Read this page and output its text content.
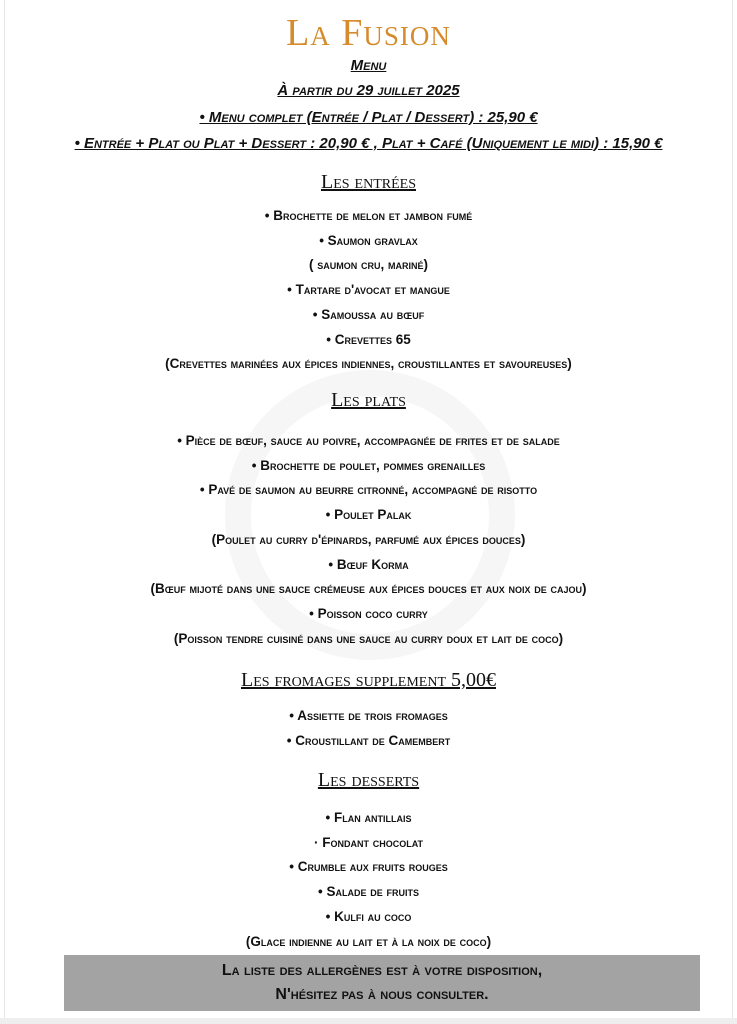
La Fusion
Menu
À partir du 29 juillet 2025
• Menu complet (Entrée / Plat / Dessert) : 25,90 €
• Entrée + Plat ou Plat + Dessert : 20,90 € , Plat + Café (Uniquement le midi) : 15,90 €
Les entrées
• Brochette de melon et jambon fumé
• Saumon gravlax
( saumon cru, mariné)
• Tartare d'avocat et mangue
• Samoussa au bœuf
• Crevettes 65
(Crevettes marinées aux épices indiennes, croustillantes et savoureuses)
Les plats
• Pièce de bœuf, sauce au poivre, accompagnée de frites et de salade
• Brochette de poulet, pommes grenailles
• Pavé de saumon au beurre citronné, accompagné de risotto
• Poulet Palak
(Poulet au curry d'épinards, parfumé aux épices douces)
• Bœuf Korma
(Bœuf mijoté dans une sauce crémeuse aux épices douces et aux noix de cajou)
• Poisson coco curry
(Poisson tendre cuisiné dans une sauce au curry doux et lait de coco)
Les fromages supplement 5,00€
• Assiette de trois fromages
• Croustillant de Camembert
Les desserts
• Flan antillais
· Fondant chocolat
• Crumble aux fruits rouges
• Salade de fruits
• Kulfi au coco
(Glace indienne au lait et à la noix de coco)
La liste des allergènes est à votre disposition,
N'hésitez pas à nous consulter.
